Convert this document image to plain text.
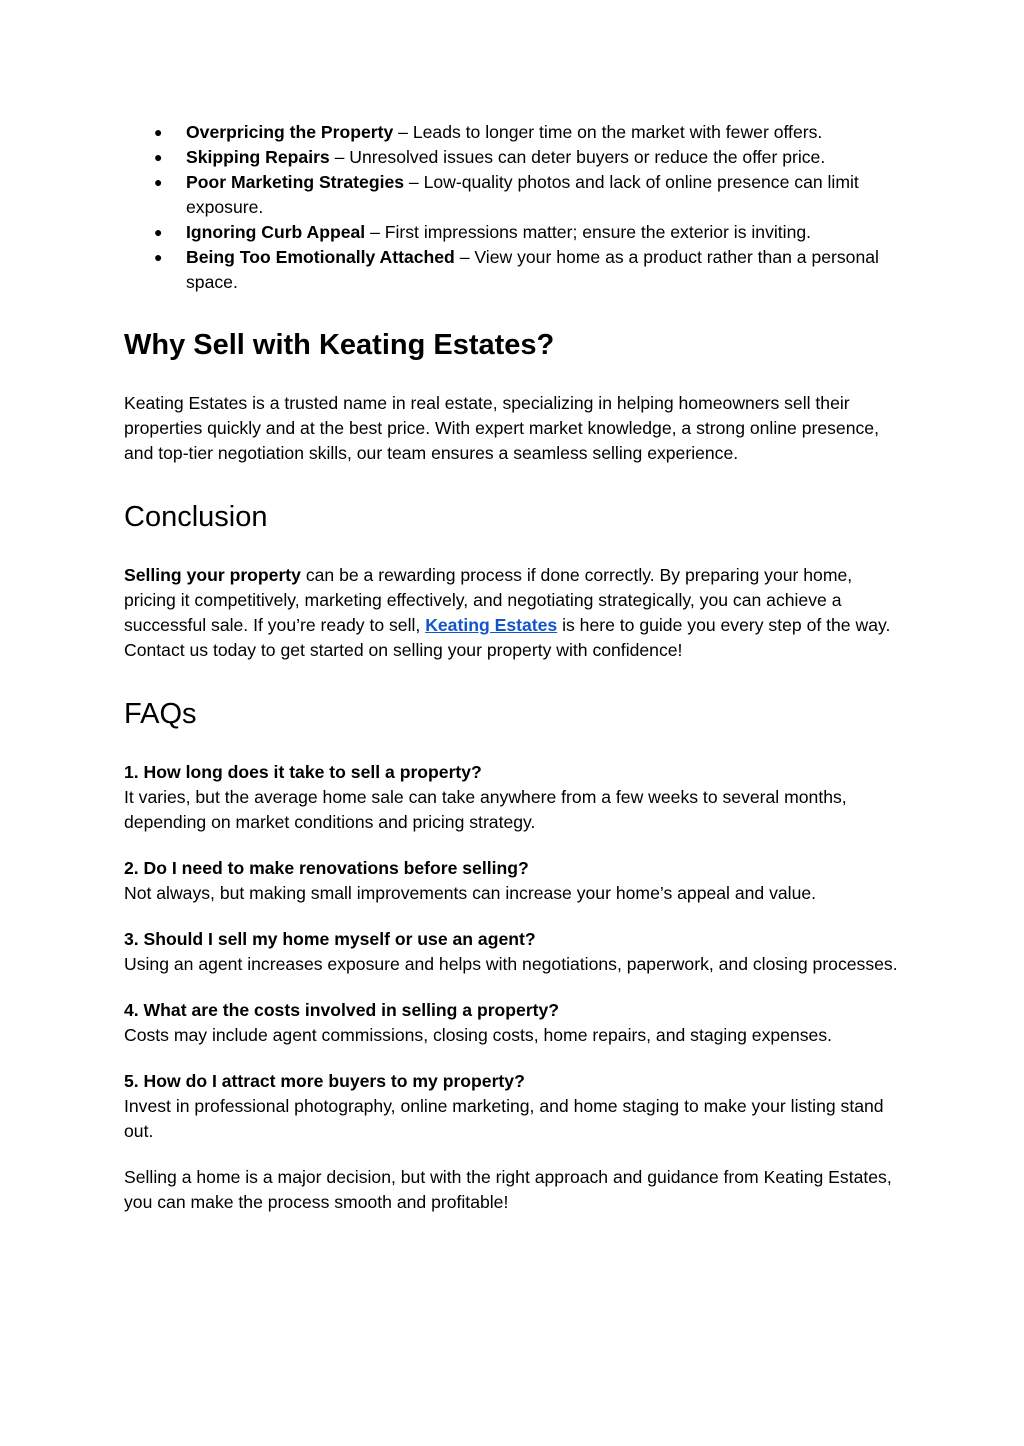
● Overpricing the Property – Leads to longer time on the market with fewer offers.
● Skipping Repairs – Unresolved issues can deter buyers or reduce the offer price.
● Poor Marketing Strategies – Low-quality photos and lack of online presence can limit exposure.
● Ignoring Curb Appeal – First impressions matter; ensure the exterior is inviting.
● Being Too Emotionally Attached – View your home as a product rather than a personal space.
Why Sell with Keating Estates?

Keating Estates is a trusted name in real estate, specializing in helping homeowners sell their properties quickly and at the best price. With expert market knowledge, a strong online presence, and top-tier negotiation skills, our team ensures a seamless selling experience.

Conclusion

Selling your property can be a rewarding process if done correctly. By preparing your home, pricing it competitively, marketing effectively, and negotiating strategically, you can achieve a successful sale. If you’re ready to sell, Keating Estates is here to guide you every step of the way. Contact us today to get started on selling your property with confidence!

FAQs

1. How long does it take to sell a property?

It varies, but the average home sale can take anywhere from a few weeks to several months, depending on market conditions and pricing strategy.

2. Do I need to make renovations before selling?

Not always, but making small improvements can increase your home’s appeal and value.

3. Should I sell my home myself or use an agent?

Using an agent increases exposure and helps with negotiations, paperwork, and closing processes.

4. What are the costs involved in selling a property?

Costs may include agent commissions, closing costs, home repairs, and staging expenses.

5. How do I attract more buyers to my property?

Invest in professional photography, online marketing, and home staging to make your listing stand out.

Selling a home is a major decision, but with the right approach and guidance from Keating Estates, you can make the process smooth and profitable!
